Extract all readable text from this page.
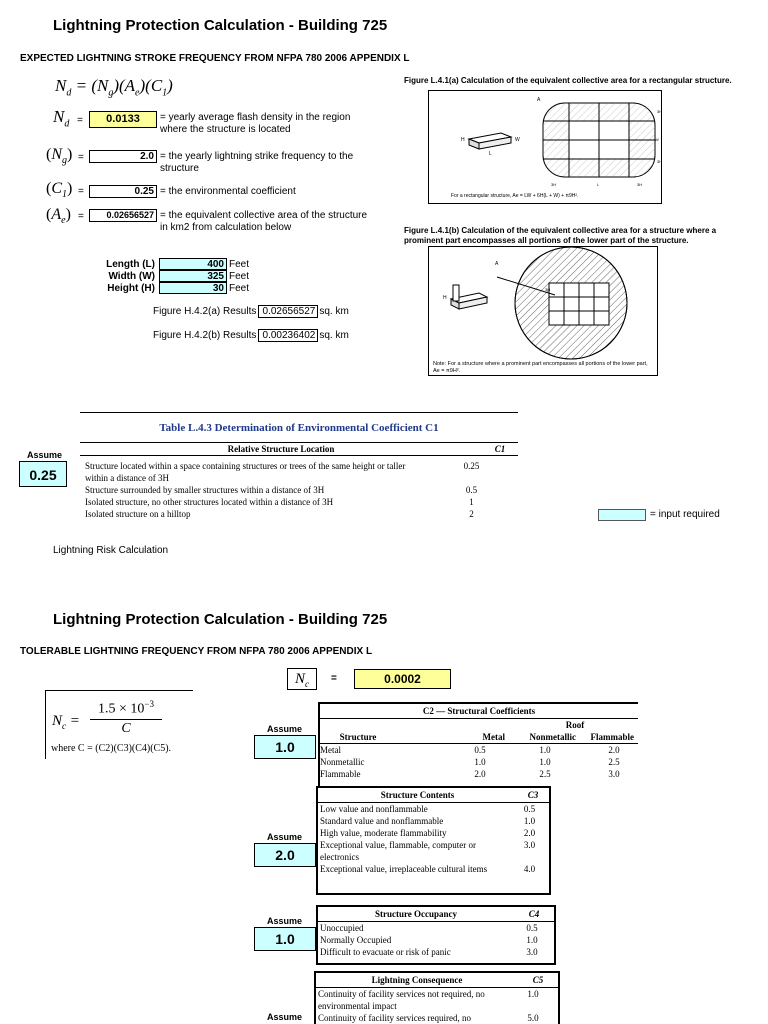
Lightning Protection Calculation - Building 725
EXPECTED LIGHTNING STROKE FREQUENCY FROM NFPA 780 2006 APPENDIX L
$N_d = (N_g)(A_e)(C_1)$
$N_d$ =	0.0133	= yearly average flash density in the region where the structure is located
$(N_g)$ =	2.0 = the yearly lightning strike frequency to the structure
$(C_1)$ =	0.25 = the environmental coefficient
$(A_e)$ =	0.02656527 = the equivalent collective area of the structure in km2 from calculation below
Length (L)	400 Feet
Width (W)	325 Feet
Height (H)	30 Feet
Figure H.4.2(a) Results 0.02656527 sq. km
Figure H.4.2(b) Results 0.00236402 sq. km
Figure L.4.1(a) Calculation of the equivalent collective area for a rectangular structure.
H	W
L
A
3H
W
3H
3H	L	3H
For a rectangular structure, Ae = LW + 6H(L + W) + π9H².
Figure L.4.1(b) Calculation of the equivalent collective area for a structure where a prominent part encompasses all portions of the lower part of the structure.
H
A
3H
Note: For a structure where a prominent part encompasses all portions of the lower part, Ae = π9H².
Table L.4.3 Determination of Environmental Coefficient C1
Relative Structure Location	C1
Structure located within a space containing structures or trees of the same height or taller within a distance of 3H	0.25
Structure surrounded by smaller structures within a distance of 3H	0.5
Isolated structure, no other structures located within a distance of 3H	1
Isolated structure on a hilltop	2
Assume
0.25
= input required
Lightning Risk Calculation
Lightning Protection Calculation - Building 725
TOLERABLE LIGHTNING FREQUENCY FROM NFPA 780 2006 APPENDIX L
$N_c$	=	0.0002
$N_c$ =
$1.5 \times 10^{-3}$
C
where C = (C2)(C3)(C4)(C5).
Assume
1.0
C2 — Structural Coefficients
Roof
Structure	Metal	Nonmetallic	Flammable
Metal	0.5	1.0	2.0
Nonmetallic	1.0	1.0	2.5
Flammable	2.0	2.5	3.0
Assume
2.0
Structure Contents	C3
Low value and nonflammable	0.5
Standard value and nonflammable	1.0
High value, moderate flammability	2.0
Exceptional value, flammable, computer or electronics	3.0
Exceptional value, irreplaceable cultural items	4.0
Assume
1.0
Structure Occupancy	C4
Unoccupied	0.5
Normally Occupied	1.0
Difficult to evacuate or risk of panic	3.0
Assume
Lightning Consequence	C5
Continuity of facility services not required, no environmental impact	1.0
Continuity of facility services required, no	5.0
